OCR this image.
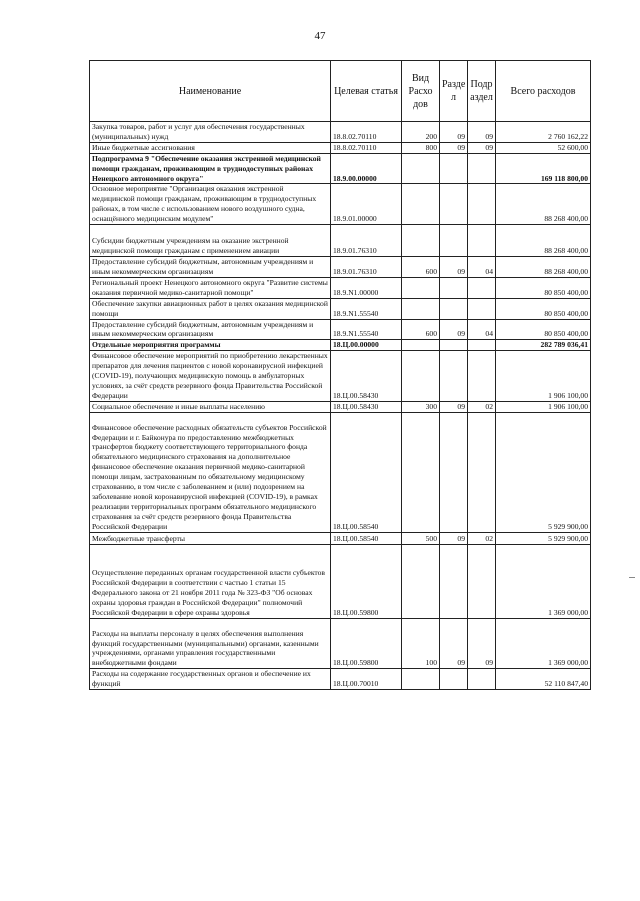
47
Наименование	Целевая статья	Вид Расхо дов	Разде л	Подр аздел	Всего расходов
Закупка товаров, работ и услуг для обеспечения государственных (муниципальных) нужд	18.8.02.70110	200	09	09	2 760 162,22
Иные бюджетные ассигнования	18.8.02.70110	800	09	09	52 600,00
Подпрограмма 9 "Обеспечение оказания экстренной медицинской помощи гражданам, проживающим в труднодоступных районах Ненецкого автономного округа"	18.9.00.00000				169 118 800,00
Основное мероприятие "Организация оказания экстренной медицинской помощи гражданам, проживающим в труднодоступных районах, в том числе с использованием нового воздушного судна, оснащённого медицинским модулем"	18.9.01.00000				88 268 400,00
Субсидии бюджетным учреждениям на оказание экстренной медицинской помощи гражданам с применением авиации	18.9.01.76310				88 268 400,00
Предоставление субсидий бюджетным, автономным учреждениям и иным некоммерческим организациям	18.9.01.76310	600	09	04	88 268 400,00
Региональный проект Ненецкого автономного округа "Развитие системы оказания первичной медико-санитарной помощи"	18.9.N1.00000				80 850 400,00
Обеспечение закупки авиационных работ в целях оказания медицинской помощи	18.9.N1.55540				80 850 400,00
Предоставление субсидий бюджетным, автономным учреждениям и иным некоммерческим организациям	18.9.N1.55540	600	09	04	80 850 400,00
Отдельные мероприятия программы	18.Ц.00.00000				282 789 036,41
Финансовое обеспечение мероприятий по приобретению лекарственных препаратов для лечения пациентов с новой коронавирусной инфекцией (COVID-19), получающих медицинскую помощь в амбулаторных условиях, за счёт средств резервного фонда Правительства Российской Федерации	18.Ц.00.58430				1 906 100,00
Социальное обеспечение и иные выплаты населению	18.Ц.00.58430	300	09	02	1 906 100,00
Финансовое обеспечение расходных обязательств субъектов Российской Федерации и г. Байконура по предоставлению межбюджетных трансфертов бюджету соответствующего территориального фонда обязательного медицинского страхования на дополнительное финансовое обеспечение оказания первичной медико-санитарной помощи лицам, застрахованным по обязательному медицинскому страхованию, в том числе с заболеванием и (или) подозрением на заболевание новой коронавирусной инфекцией (COVID-19), в рамках реализации территориальных программ обязательного медицинского страхования за счёт средств резервного фонда Правительства Российской Федерации	18.Ц.00.58540				5 929 900,00
Межбюджетные трансферты	18.Ц.00.58540	500	09	02	5 929 900,00
Осуществление переданных органам государственной власти субъектов Российской Федерации в соответствии с частью 1 статьи 15 Федерального закона от 21 ноября 2011 года № 323-ФЗ "Об основах охраны здоровья граждан в Российской Федерации" полномочий Российской Федерации в сфере охраны здоровья	18.Ц.00.59800				1 369 000,00
Расходы на выплаты персоналу в целях обеспечения выполнения функций государственными (муниципальными) органами, казенными учреждениями, органами управления государственными внебюджетными фондами	18.Ц.00.59800	100	09	09	1 369 000,00
Расходы на содержание государственных органов и обеспечение их функций	18.Ц.00.70010				52 110 847,40
